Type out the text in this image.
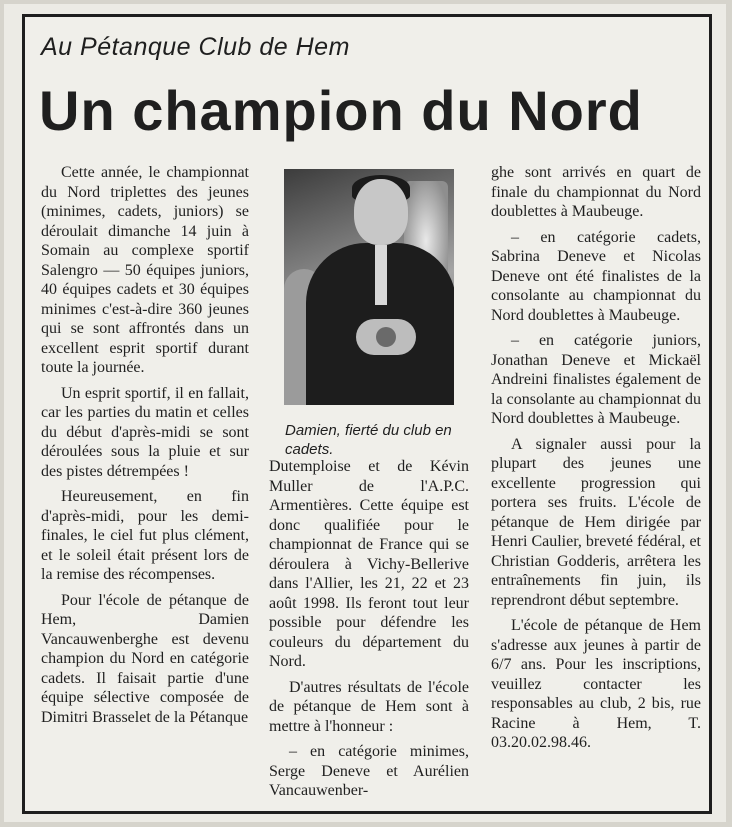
Au Pétanque Club de Hem
Un champion du Nord

Cette année, le championnat du Nord triplettes des jeunes (minimes, cadets, juniors) se déroulait dimanche 14 juin à Somain au complexe sportif Salengro — 50 équipes juniors, 40 équipes cadets et 30 équipes minimes c'est-à-dire 360 jeunes qui se sont affrontés dans un excellent esprit sportif durant toute la journée.

Un esprit sportif, il en fallait, car les parties du matin et celles du début d'après-midi se sont déroulées sous la pluie et sur des pistes détrempées !

Heureusement, en fin d'après-midi, pour les demi-finales, le ciel fut plus clément, et le soleil était présent lors de la remise des récompenses.

Pour l'école de pétanque de Hem, Damien Vancauwenberghe est devenu champion du Nord en catégorie cadets. Il faisait partie d'une équipe sélective composée de Dimitri Brasselet de la Pétanque

Damien, fierté du club en cadets.

Dutemploise et de Kévin Muller de l'A.P.C. Armentières. Cette équipe est donc qualifiée pour le championnat de France qui se déroulera à Vichy-Bellerive dans l'Allier, les 21, 22 et 23 août 1998. Ils feront tout leur possible pour défendre les couleurs du département du Nord.

D'autres résultats de l'école de pétanque de Hem sont à mettre à l'honneur :

– en catégorie minimes, Serge Deneve et Aurélien Vancauwenber-

ghe sont arrivés en quart de finale du championnat du Nord doublettes à Maubeuge.

– en catégorie cadets, Sabrina Deneve et Nicolas Deneve ont été finalistes de la consolante au championnat du Nord doublettes à Maubeuge.

– en catégorie juniors, Jonathan Deneve et Mickaël Andreini finalistes également de la consolante au championnat du Nord doublettes à Maubeuge.

A signaler aussi pour la plupart des jeunes une excellente progression qui portera ses fruits. L'école de pétanque de Hem dirigée par Henri Caulier, breveté fédéral, et Christian Godderis, arrêtera les entraînements fin juin, ils reprendront début septembre.

L'école de pétanque de Hem s'adresse aux jeunes à partir de 6/7 ans. Pour les inscriptions, veuillez contacter les responsables au club, 2 bis, rue Racine à Hem, T. 03.20.02.98.46.
